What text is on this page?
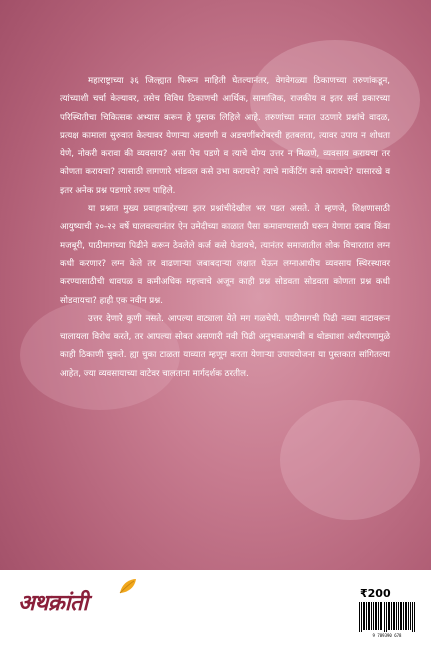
महाराष्ट्राच्या ३६ जिल्ह्यात फिरून माहिती घेतल्यानंतर, वेगवेगळ्या ठिकाणच्या तरुणांकडून, त्यांच्याशी चर्चा केल्यावर, तसेच विविध ठिकाणची आर्थिक, सामाजिक, राजकीय व इतर सर्व प्रकारच्या परिस्थितीचा चिकित्सक अभ्यास करून हे पुस्तक लिहिले आहे. तरुणांच्या मनात उठणारे प्रश्नांचे वादळ, प्रत्यक्ष कामाला सुरुवात केल्यावर येणाऱ्या अडचणी व अडचणींबरोबरची हतबलता, त्यावर उपाय न शोधता येणे, नोकरी करावा की व्यवसाय? असा पेच पडणे व त्याचे योग्य उत्तर न मिळणे, व्यवसाय करायचा तर कोणता करायचा? त्यासाठी लागणारे भांडवल कसे उभा करायचे? त्याचे मार्केटिंग कसे करायचे? यासारखे व इतर अनेक प्रश्न पडणारे तरुण पाहिले.

या प्रश्नात मुख्य प्रवाहाबाहेरच्या इतर प्रश्नांचीदेखील भर पडत असते. ते म्हणजे, शिक्षणासाठी आयुष्याची २०-२२ वर्षे घालवल्यानंतर ऐन उमेदीच्या काळात पैसा कमावण्यासाठी घरून येणारा दबाव किंवा मजबूरी, पाठीमागच्या पिढीने करून ठेवलेले कर्ज कसे फेडायचे, त्यानंतर समाजातील लोक विचारतात लग्न कधी करणार? लग्न केले तर वाढणाऱ्या जबाबदाऱ्या लक्षात घेऊन लग्नाआधीच व्यवसाय स्थिरस्थावर करण्यासाठीची धावपळ व कमीअधिक महत्त्वाचे अजून काही प्रश्न सोडवता सोडवता कोणता प्रश्न कधी सोडवायचा? हाही एक नवीन प्रश्न.

उत्तर देणारे कुणी नसते. आपल्या वाट्याला येते मग गळचेपी. पाठीमागची पिढी नव्या वाटावरून चालायला विरोध करते, तर आपल्या सोबत असणारी नवी पिढी अनुभवाअभावी व थोड्याशा अधीरपणामुळे काही ठिकाणी चुकते. ह्या चुका टाळता याव्यात म्हणून करता येणाऱ्या उपाययोजना या पुस्तकात सांगितल्या आहेत, ज्या व्यवसायाच्या वाटेवर चालताना मार्गदर्शक ठरतील.

अथक्रांती	₹200
9 789390 678
